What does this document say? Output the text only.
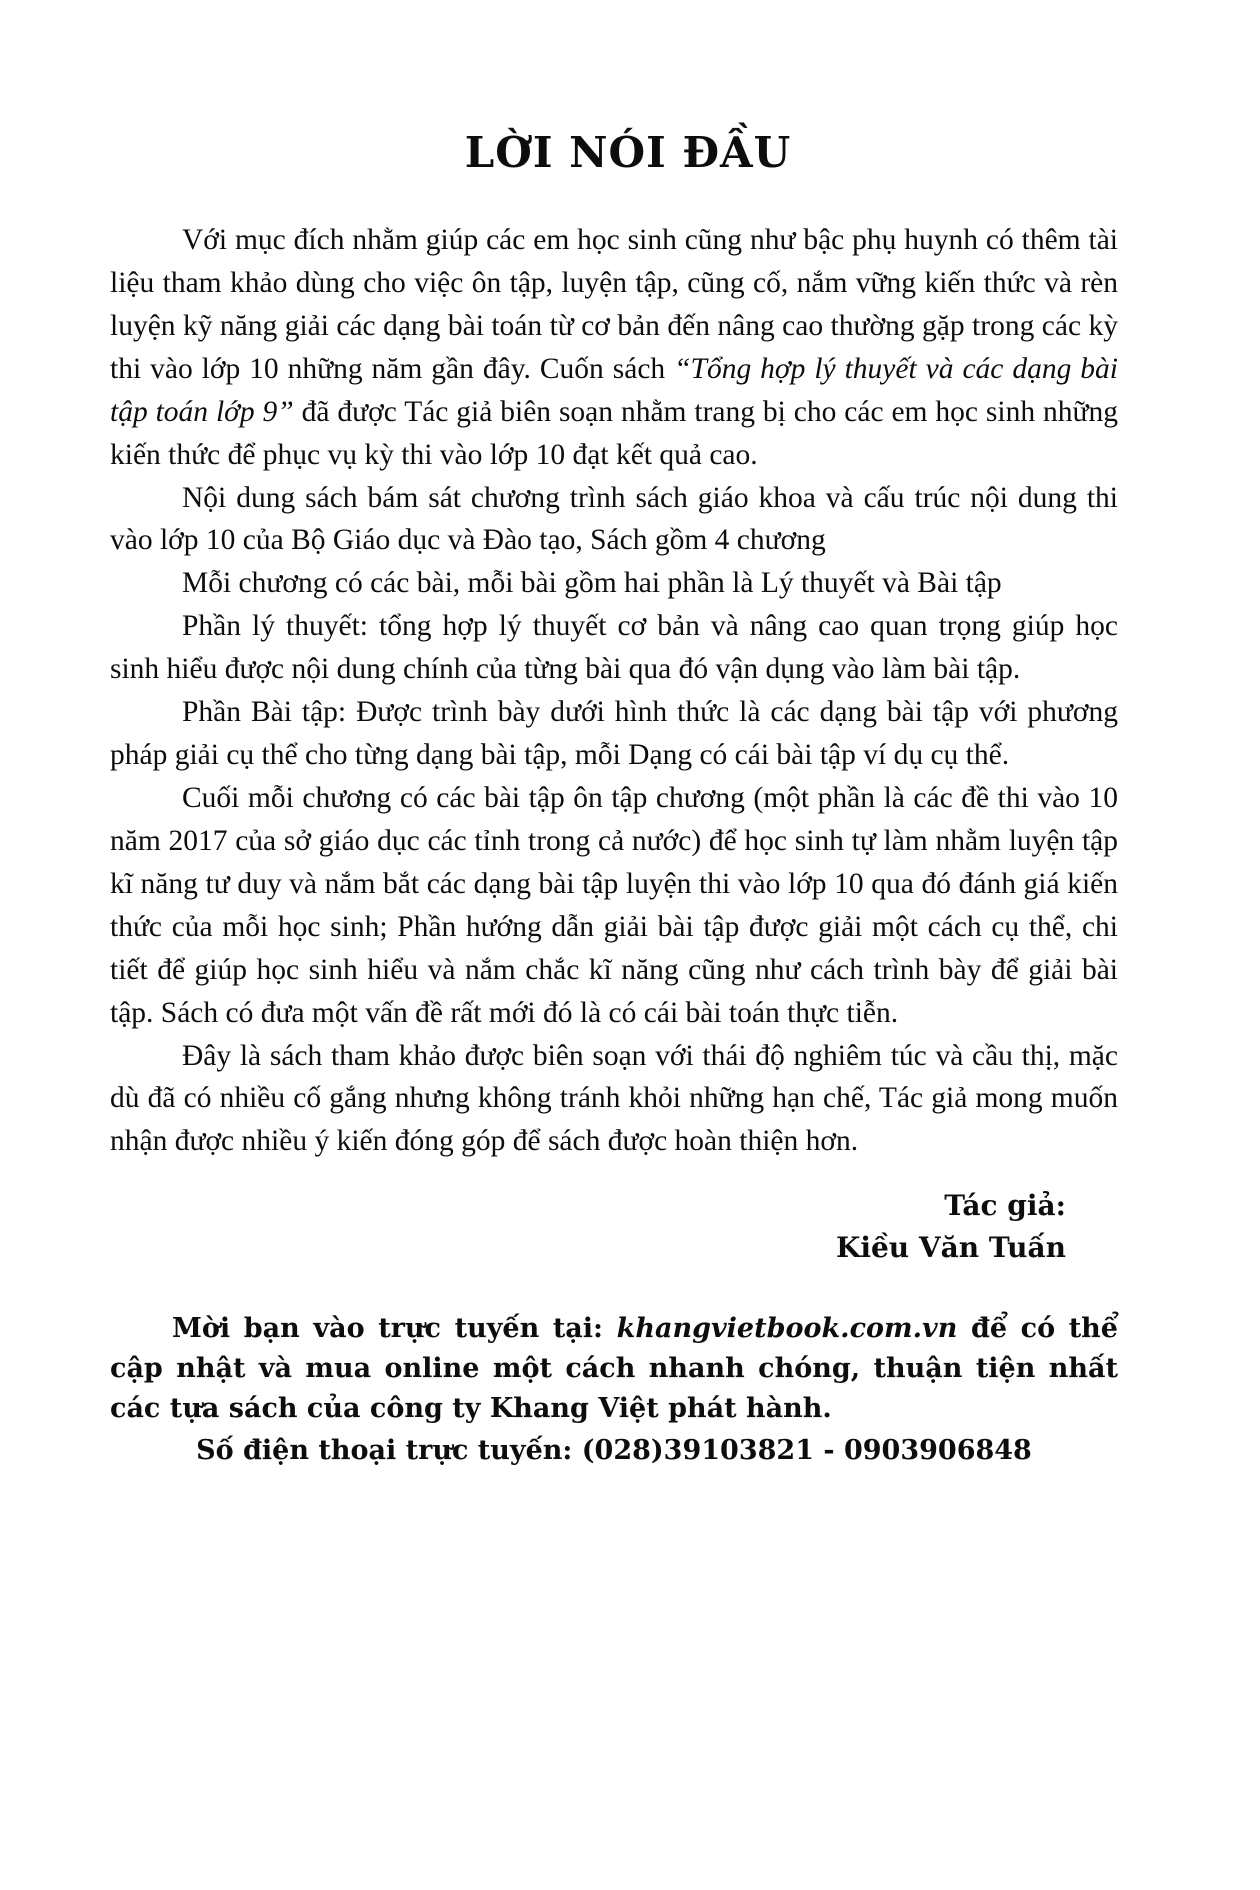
LỜI NÓI ĐẦU

Với mục đích nhằm giúp các em học sinh cũng như bậc phụ huynh có thêm tài liệu tham khảo dùng cho việc ôn tập, luyện tập, cũng cố, nắm vững kiến thức và rèn luyện kỹ năng giải các dạng bài toán từ cơ bản đến nâng cao thường gặp trong các kỳ thi vào lớp 10 những năm gần đây. Cuốn sách “Tổng hợp lý thuyết và các dạng bài tập toán lớp 9” đã được Tác giả biên soạn nhằm trang bị cho các em học sinh những kiến thức để phục vụ kỳ thi vào lớp 10 đạt kết quả cao.

Nội dung sách bám sát chương trình sách giáo khoa và cấu trúc nội dung thi vào lớp 10 của Bộ Giáo dục và Đào tạo, Sách gồm 4 chương

Mỗi chương có các bài, mỗi bài gồm hai phần là Lý thuyết và Bài tập

Phần lý thuyết: tổng hợp lý thuyết cơ bản và nâng cao quan trọng giúp học sinh hiểu được nội dung chính của từng bài qua đó vận dụng vào làm bài tập.

Phần Bài tập: Được trình bày dưới hình thức là các dạng bài tập với phương pháp giải cụ thể cho từng dạng bài tập, mỗi Dạng có cái bài tập ví dụ cụ thể.

Cuối mỗi chương có các bài tập ôn tập chương (một phần là các đề thi vào 10 năm 2017 của sở giáo dục các tỉnh trong cả nước) để học sinh tự làm nhằm luyện tập kĩ năng tư duy và nắm bắt các dạng bài tập luyện thi vào lớp 10 qua đó đánh giá kiến thức của mỗi học sinh; Phần hướng dẫn giải bài tập được giải một cách cụ thể, chi tiết để giúp học sinh hiểu và nắm chắc kĩ năng cũng như cách trình bày để giải bài tập. Sách có đưa một vấn đề rất mới đó là có cái bài toán thực tiễn.

Đây là sách tham khảo được biên soạn với thái độ nghiêm túc và cầu thị, mặc dù đã có nhiều cố gắng nhưng không tránh khỏi những hạn chế, Tác giả mong muốn nhận được nhiều ý kiến đóng góp để sách được hoàn thiện hơn.

Tác giả:
Kiều Văn Tuấn

Mời bạn vào trực tuyến tại: khangvietbook.com.vn để có thể cập nhật và mua online một cách nhanh chóng, thuận tiện nhất các tựa sách của công ty Khang Việt phát hành.

Số điện thoại trực tuyến: (028)39103821 - 0903906848
